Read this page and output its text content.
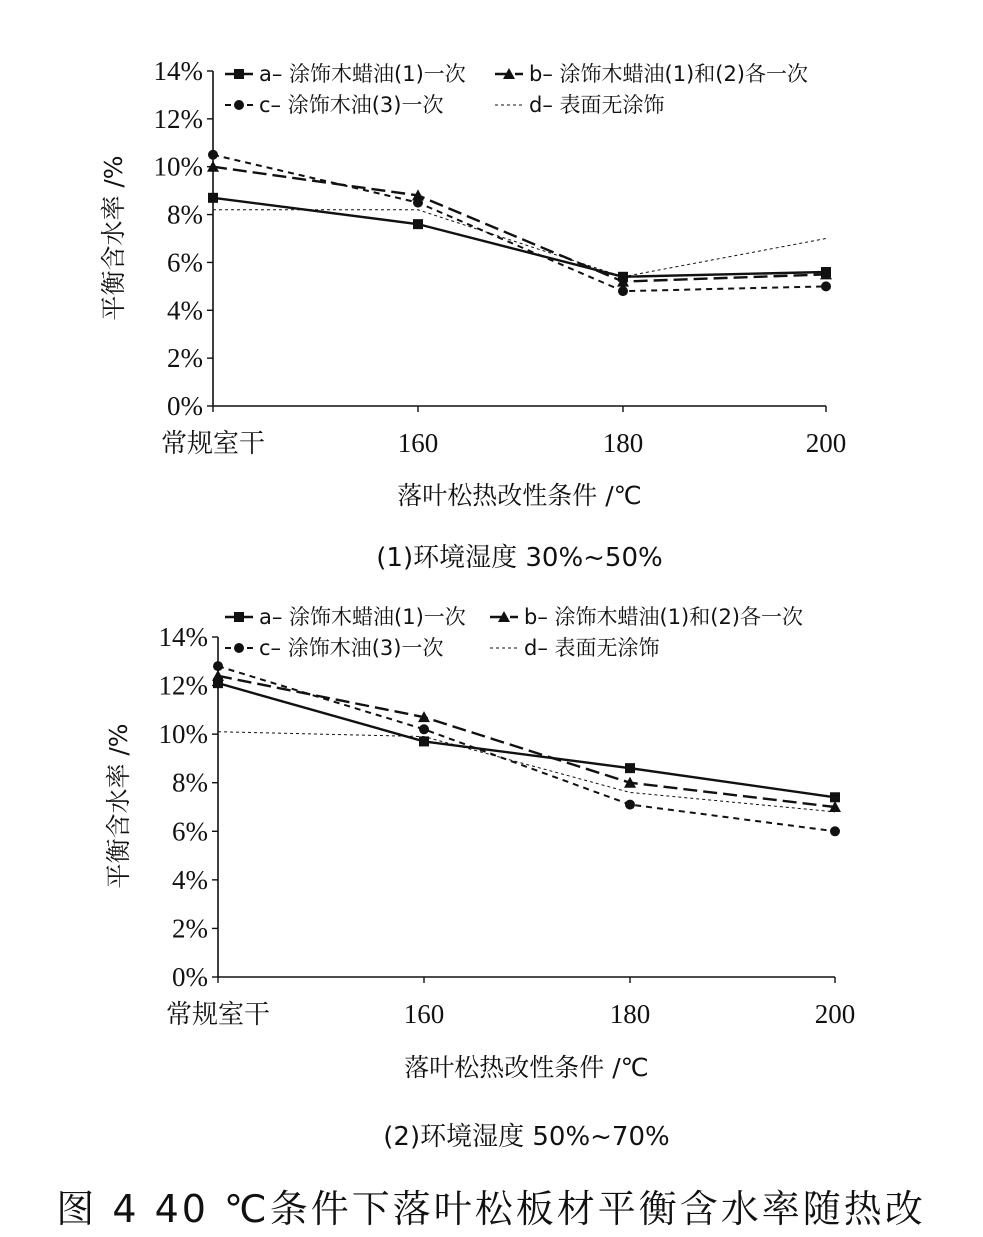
0%
2%
4%
6%
8%
10%
12%
14%
常规室干	160	180	200
平衡含水率 /%
落叶松热改性条件 /℃
(1)环境湿度 30%~50%
a– 涂饰木蜡油(1)一次	b– 涂饰木蜡油(1)和(2)各一次
c– 涂饰木油(3)一次	d– 表面无涂饰
0%
2%
4%
6%
8%
10%
12%
14%
常规室干	160	180	200
平衡含水率 /%
落叶松热改性条件 /℃
(2)环境湿度 50%~70%
a– 涂饰木蜡油(1)一次	b– 涂饰木蜡油(1)和(2)各一次
c– 涂饰木油(3)一次	d– 表面无涂饰
图 4 40 ℃条件下落叶松板材平衡含水率随热改
